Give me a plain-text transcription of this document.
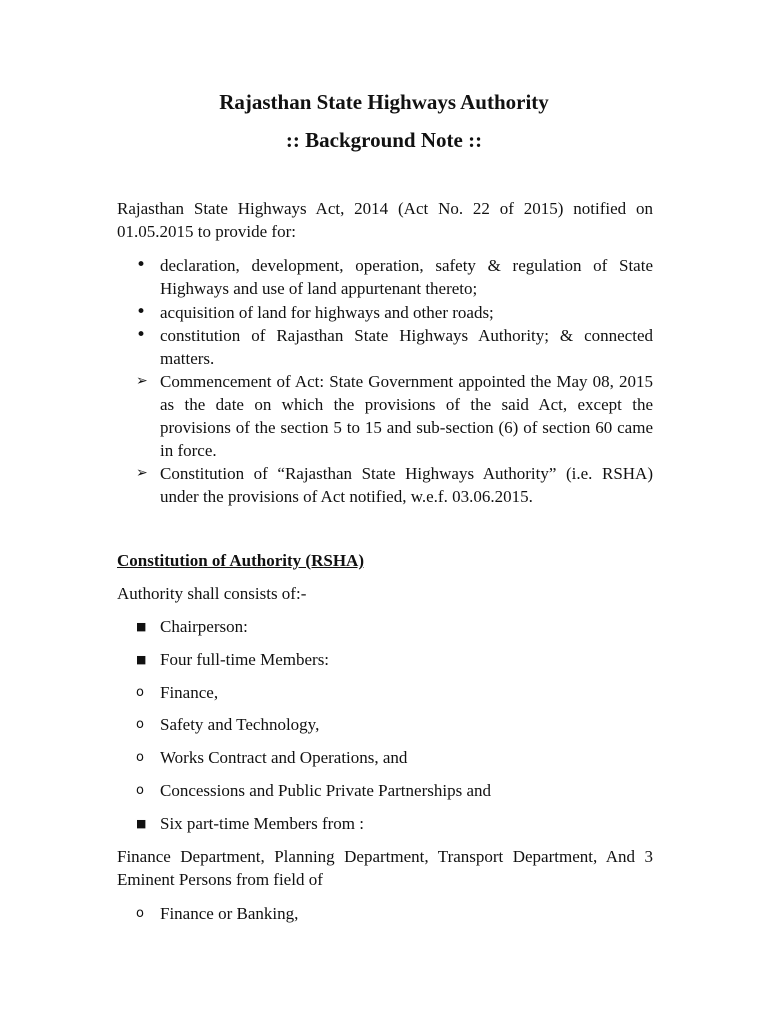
Rajasthan State Highways Authority
:: Background Note ::
Rajasthan State Highways Act, 2014 (Act No. 22 of 2015) notified on 01.05.2015 to provide for:
• declaration, development, operation, safety & regulation of State Highways and use of land appurtenant thereto;
• acquisition of land for highways and other roads;
• constitution of Rajasthan State Highways Authority; & connected matters.
➢ Commencement of Act: State Government appointed the May 08, 2015 as the date on which the provisions of the said Act, except the provisions of the section 5 to 15 and sub-section (6) of section 60 came in force.
➢ Constitution of “Rajasthan State Highways Authority” (i.e. RSHA) under the provisions of Act notified, w.e.f. 03.06.2015.
Constitution of Authority (RSHA)
Authority shall consists of:-
■ Chairperson:
■ Four full-time Members:
o Finance,
o Safety and Technology,
o Works Contract and Operations, and
o Concessions and Public Private Partnerships and
■ Six part-time Members from :
Finance Department, Planning Department, Transport Department, And 3 Eminent Persons from field of
o Finance or Banking,
